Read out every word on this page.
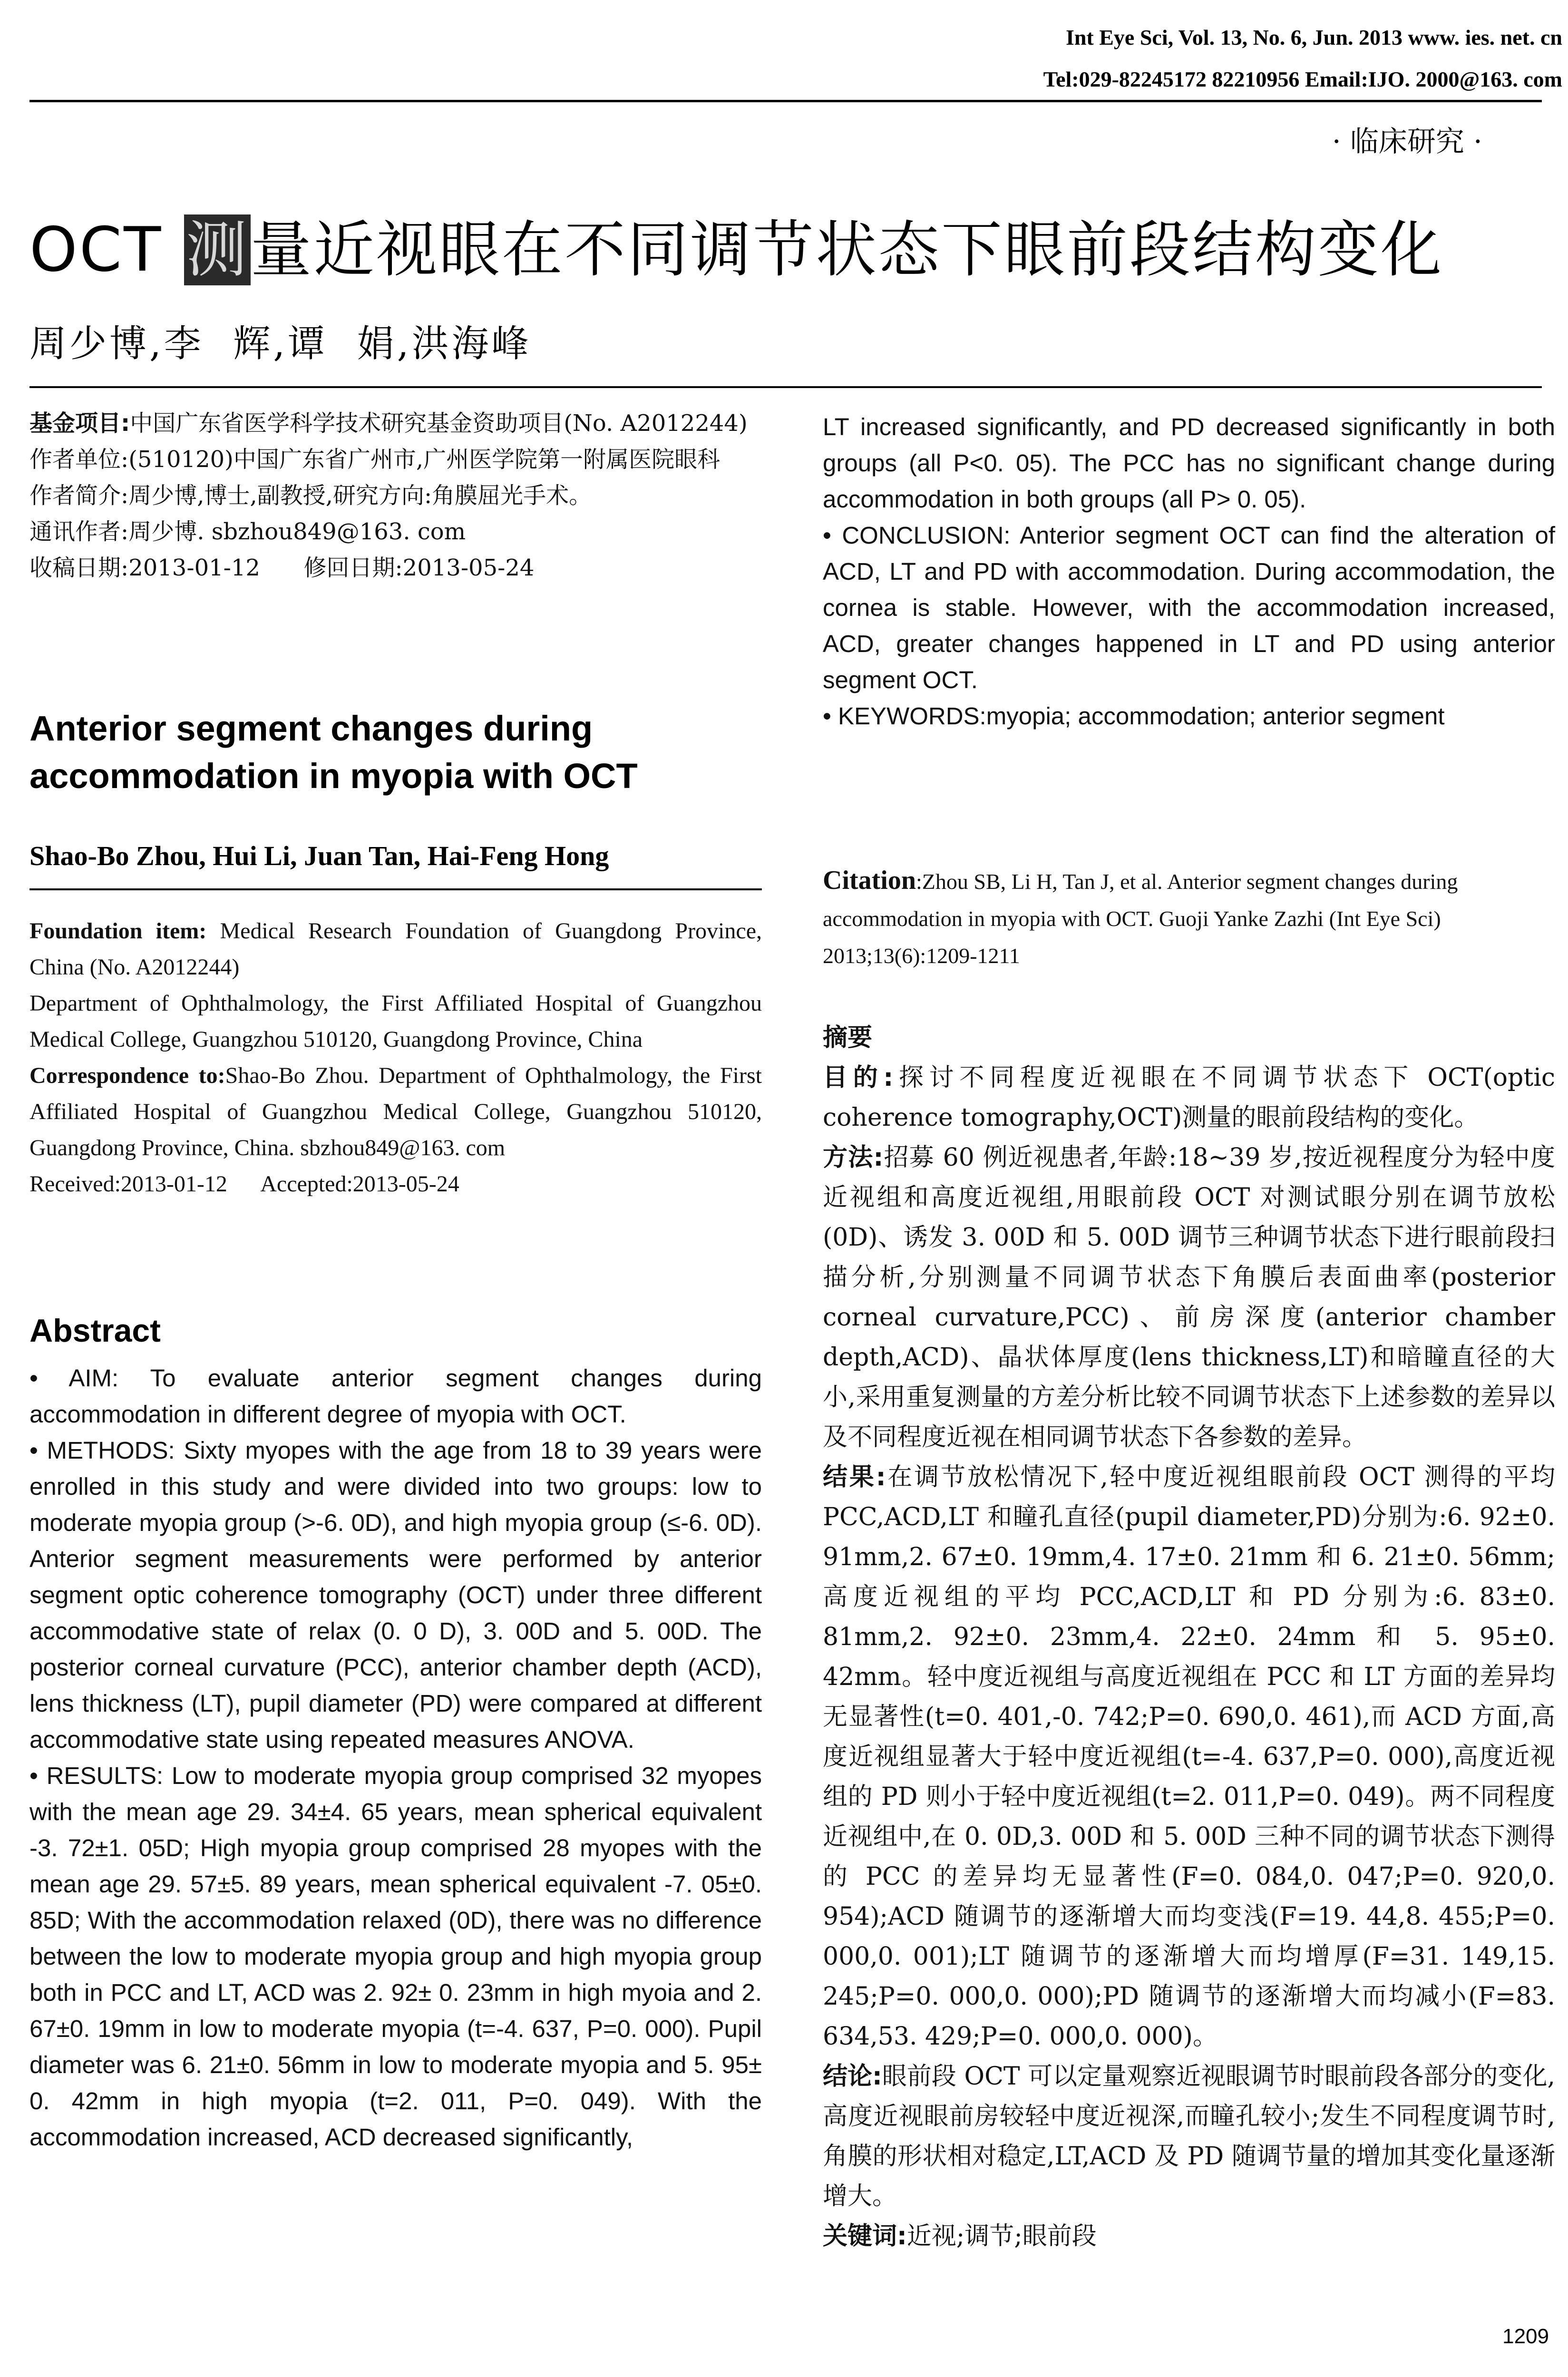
Int Eye Sci, Vol. 13, No. 6, Jun. 2013 www. ies. net. cn
Tel:029-82245172 82210956 Email:IJO. 2000@163. com
· 临床研究 ·
OCT 测量近视眼在不同调节状态下眼前段结构变化
周少博,李  辉,谭  娟,洪海峰

基金项目:中国广东省医学科学技术研究基金资助项目(No. A2012244)

作者单位:(510120)中国广东省广州市,广州医学院第一附属医院眼科

作者简介:周少博,博士,副教授,研究方向:角膜屈光手术。

通讯作者:周少博. sbzhou849@163. com

收稿日期:2013-01-12      修回日期:2013-05-24

Anterior segment changes during accommodation in myopia with OCT
Shao-Bo Zhou, Hui Li, Juan Tan, Hai-Feng Hong

Foundation item: Medical Research Foundation of Guangdong Province, China (No. A2012244)

Department of Ophthalmology, the First Affiliated Hospital of Guangzhou Medical College, Guangzhou 510120, Guangdong Province, China

Correspondence to:Shao-Bo Zhou. Department of Ophthalmology, the First Affiliated Hospital of Guangzhou Medical College, Guangzhou 510120, Guangdong Province, China. sbzhou849@163. com

Received:2013-01-12      Accepted:2013-05-24

Abstract

• AIM: To evaluate anterior segment changes during accommodation in different degree of myopia with OCT.

• METHODS: Sixty myopes with the age from 18 to 39 years were enrolled in this study and were divided into two groups: low to moderate myopia group (>-6. 0D), and high myopia group (≤-6. 0D). Anterior segment measurements were performed by anterior segment optic coherence tomography (OCT) under three different accommodative state of relax (0. 0 D), 3. 00D and 5. 00D. The posterior corneal curvature (PCC), anterior chamber depth (ACD), lens thickness (LT), pupil diameter (PD) were compared at different accommodative state using repeated measures ANOVA.

• RESULTS: Low to moderate myopia group comprised 32 myopes with the mean age 29. 34±4. 65 years, mean spherical equivalent -3. 72±1. 05D; High myopia group comprised 28 myopes with the mean age 29. 57±5. 89 years, mean spherical equivalent -7. 05±0. 85D; With the accommodation relaxed (0D), there was no difference between the low to moderate myopia group and high myopia group both in PCC and LT, ACD was 2. 92± 0. 23mm in high myoia and 2. 67±0. 19mm in low to moderate myopia (t=-4. 637, P=0. 000). Pupil diameter was 6. 21±0. 56mm in low to moderate myopia and 5. 95± 0. 42mm in high myopia (t=2. 011, P=0. 049). With the accommodation increased, ACD decreased significantly,

LT increased significantly, and PD decreased significantly in both groups (all P<0. 05). The PCC has no significant change during accommodation in both groups (all P> 0. 05).

• CONCLUSION: Anterior segment OCT can find the alteration of ACD, LT and PD with accommodation. During accommodation, the cornea is stable. However, with the accommodation increased, ACD, greater changes happened in LT and PD using anterior segment OCT.

• KEYWORDS:myopia; accommodation; anterior segment

Citation:Zhou SB, Li H, Tan J, et al. Anterior segment changes during accommodation in myopia with OCT. Guoji Yanke Zazhi (Int Eye Sci) 2013;13(6):1209-1211

摘要

目的:探讨不同程度近视眼在不同调节状态下 OCT(optic coherence tomography,OCT)测量的眼前段结构的变化。

方法:招募 60 例近视患者,年龄:18~39 岁,按近视程度分为轻中度近视组和高度近视组,用眼前段 OCT 对测试眼分别在调节放松(0D)、诱发 3. 00D 和 5. 00D 调节三种调节状态下进行眼前段扫描分析,分别测量不同调节状态下角膜后表面曲率(posterior corneal curvature,PCC)、前房深度(anterior chamber depth,ACD)、晶状体厚度(lens thickness,LT)和暗瞳直径的大小,采用重复测量的方差分析比较不同调节状态下上述参数的差异以及不同程度近视在相同调节状态下各参数的差异。

结果:在调节放松情况下,轻中度近视组眼前段 OCT 测得的平均 PCC,ACD,LT 和瞳孔直径(pupil diameter,PD)分别为:6. 92±0. 91mm,2. 67±0. 19mm,4. 17±0. 21mm 和 6. 21±0. 56mm;高度近视组的平均 PCC,ACD,LT 和 PD 分别为:6. 83±0. 81mm,2. 92±0. 23mm,4. 22±0. 24mm 和 5. 95±0. 42mm。轻中度近视组与高度近视组在 PCC 和 LT 方面的差异均无显著性(t=0. 401,-0. 742;P=0. 690,0. 461),而 ACD 方面,高度近视组显著大于轻中度近视组(t=-4. 637,P=0. 000),高度近视组的 PD 则小于轻中度近视组(t=2. 011,P=0. 049)。两不同程度近视组中,在 0. 0D,3. 00D 和 5. 00D 三种不同的调节状态下测得的 PCC 的差异均无显著性(F=0. 084,0. 047;P=0. 920,0. 954);ACD 随调节的逐渐增大而均变浅(F=19. 44,8. 455;P=0. 000,0. 001);LT 随调节的逐渐增大而均增厚(F=31. 149,15. 245;P=0. 000,0. 000);PD 随调节的逐渐增大而均减小(F=83. 634,53. 429;P=0. 000,0. 000)。

结论:眼前段 OCT 可以定量观察近视眼调节时眼前段各部分的变化,高度近视眼前房较轻中度近视深,而瞳孔较小;发生不同程度调节时,角膜的形状相对稳定,LT,ACD 及 PD 随调节量的增加其变化量逐渐增大。

关键词:近视;调节;眼前段

1209
